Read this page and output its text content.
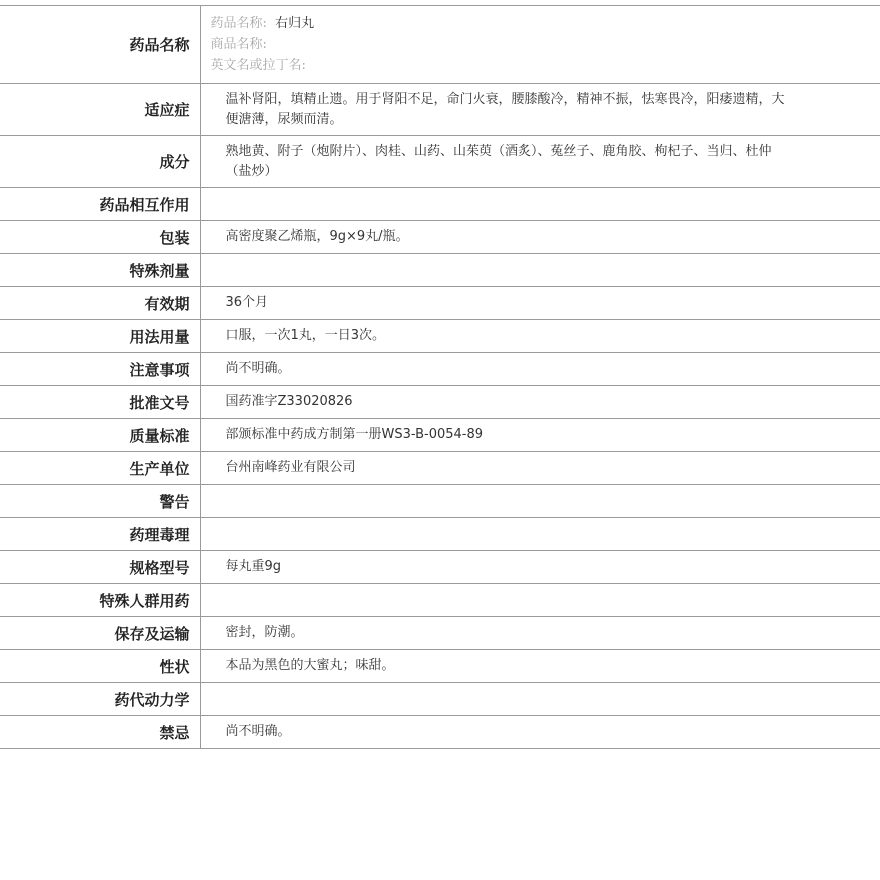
药品名称	药品名称: 右归丸
商品名称:
英文名或拉丁名:

适应症	温补肾阳，填精止遗。用于肾阳不足，命门火衰，腰膝酸冷，精神不振，怯寒畏冷，阳痿遗精，大便溏薄，尿频而清。
成分	熟地黄、附子（炮附片）、肉桂、山药、山茱萸（酒炙）、菟丝子、鹿角胶、枸杞子、当归、杜仲（盐炒）
药品相互作用	
包装	高密度聚乙烯瓶，9g×9丸/瓶。
特殊剂量	
有效期	36个月
用法用量	口服，一次1丸，一日3次。
注意事项	尚不明确。
批准文号	国药准字Z33020826
质量标准	部颁标准中药成方制第一册WS3-B-0054-89
生产单位	台州南峰药业有限公司
警告	
药理毒理	
规格型号	每丸重9g
特殊人群用药	
保存及运输	密封，防潮。
性状	本品为黑色的大蜜丸；味甜。
药代动力学	
禁忌	尚不明确。
